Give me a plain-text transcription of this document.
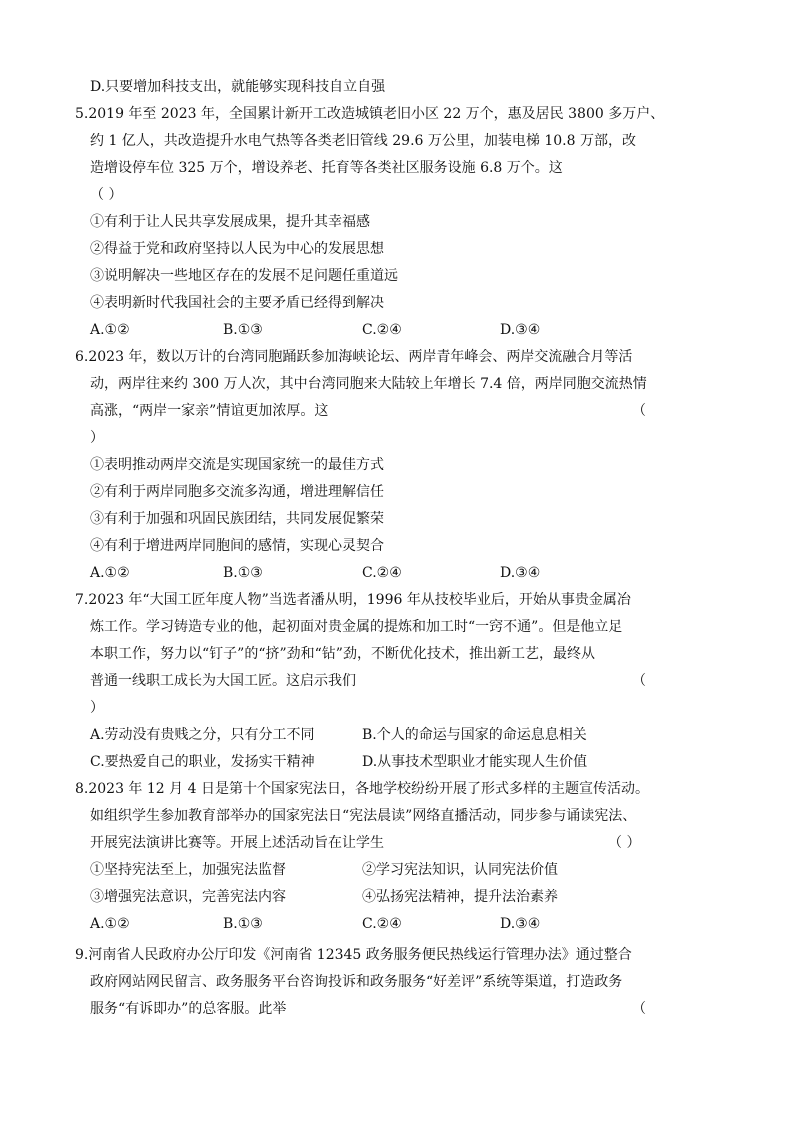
D.只要增加科技支出，就能够实现科技自立自强
5.2019 年至 2023 年，全国累计新开工改造城镇老旧小区 22 万个，惠及居民 3800 多万户、
约 1 亿人，共改造提升水电气热等各类老旧管线 29.6 万公里，加装电梯 10.8 万部，改
造增设停车位 325 万个，增设养老、托育等各类社区服务设施 6.8 万个。这
（ ）
①有利于让人民共享发展成果，提升其幸福感
②得益于党和政府坚持以人民为中心的发展思想
③说明解决一些地区存在的发展不足问题任重道远
④表明新时代我国社会的主要矛盾已经得到解决
A.①②	B.①③	C.②④	D.③④
6.2023 年，数以万计的台湾同胞踊跃参加海峡论坛、两岸青年峰会、两岸交流融合月等活
动，两岸往来约 300 万人次，其中台湾同胞来大陆较上年增长 7.4 倍，两岸同胞交流热情
高涨，“两岸一家亲”情谊更加浓厚。这	（
）
①表明推动两岸交流是实现国家统一的最佳方式
②有利于两岸同胞多交流多沟通，增进理解信任
③有利于加强和巩固民族团结，共同发展促繁荣
④有利于增进两岸同胞间的感情，实现心灵契合
A.①②	B.①③	C.②④	D.③④
7.2023 年“大国工匠年度人物”当选者潘从明，1996 年从技校毕业后，开始从事贵金属冶
炼工作。学习铸造专业的他，起初面对贵金属的提炼和加工时“一窍不通”。但是他立足
本职工作，努力以“钉子”的“挤”劲和“钻”劲，不断优化技术，推出新工艺，最终从
普通一线职工成长为大国工匠。这启示我们	（
）
A.劳动没有贵贱之分，只有分工不同	B.个人的命运与国家的命运息息相关
C.要热爱自己的职业，发扬实干精神	D.从事技术型职业才能实现人生价值
8.2023 年 12 月 4 日是第十个国家宪法日，各地学校纷纷开展了形式多样的主题宣传活动。
如组织学生参加教育部举办的国家宪法日“宪法晨读”网络直播活动，同步参与诵读宪法、
开展宪法演讲比赛等。开展上述活动旨在让学生	（ ）
①坚持宪法至上，加强宪法监督	②学习宪法知识，认同宪法价值
③增强宪法意识，完善宪法内容	④弘扬宪法精神，提升法治素养
A.①②	B.①③	C.②④	D.③④
9.河南省人民政府办公厅印发《河南省 12345 政务服务便民热线运行管理办法》通过整合
政府网站网民留言、政务服务平台咨询投诉和政务服务“好差评”系统等渠道，打造政务
服务“有诉即办”的总客服。此举	（
